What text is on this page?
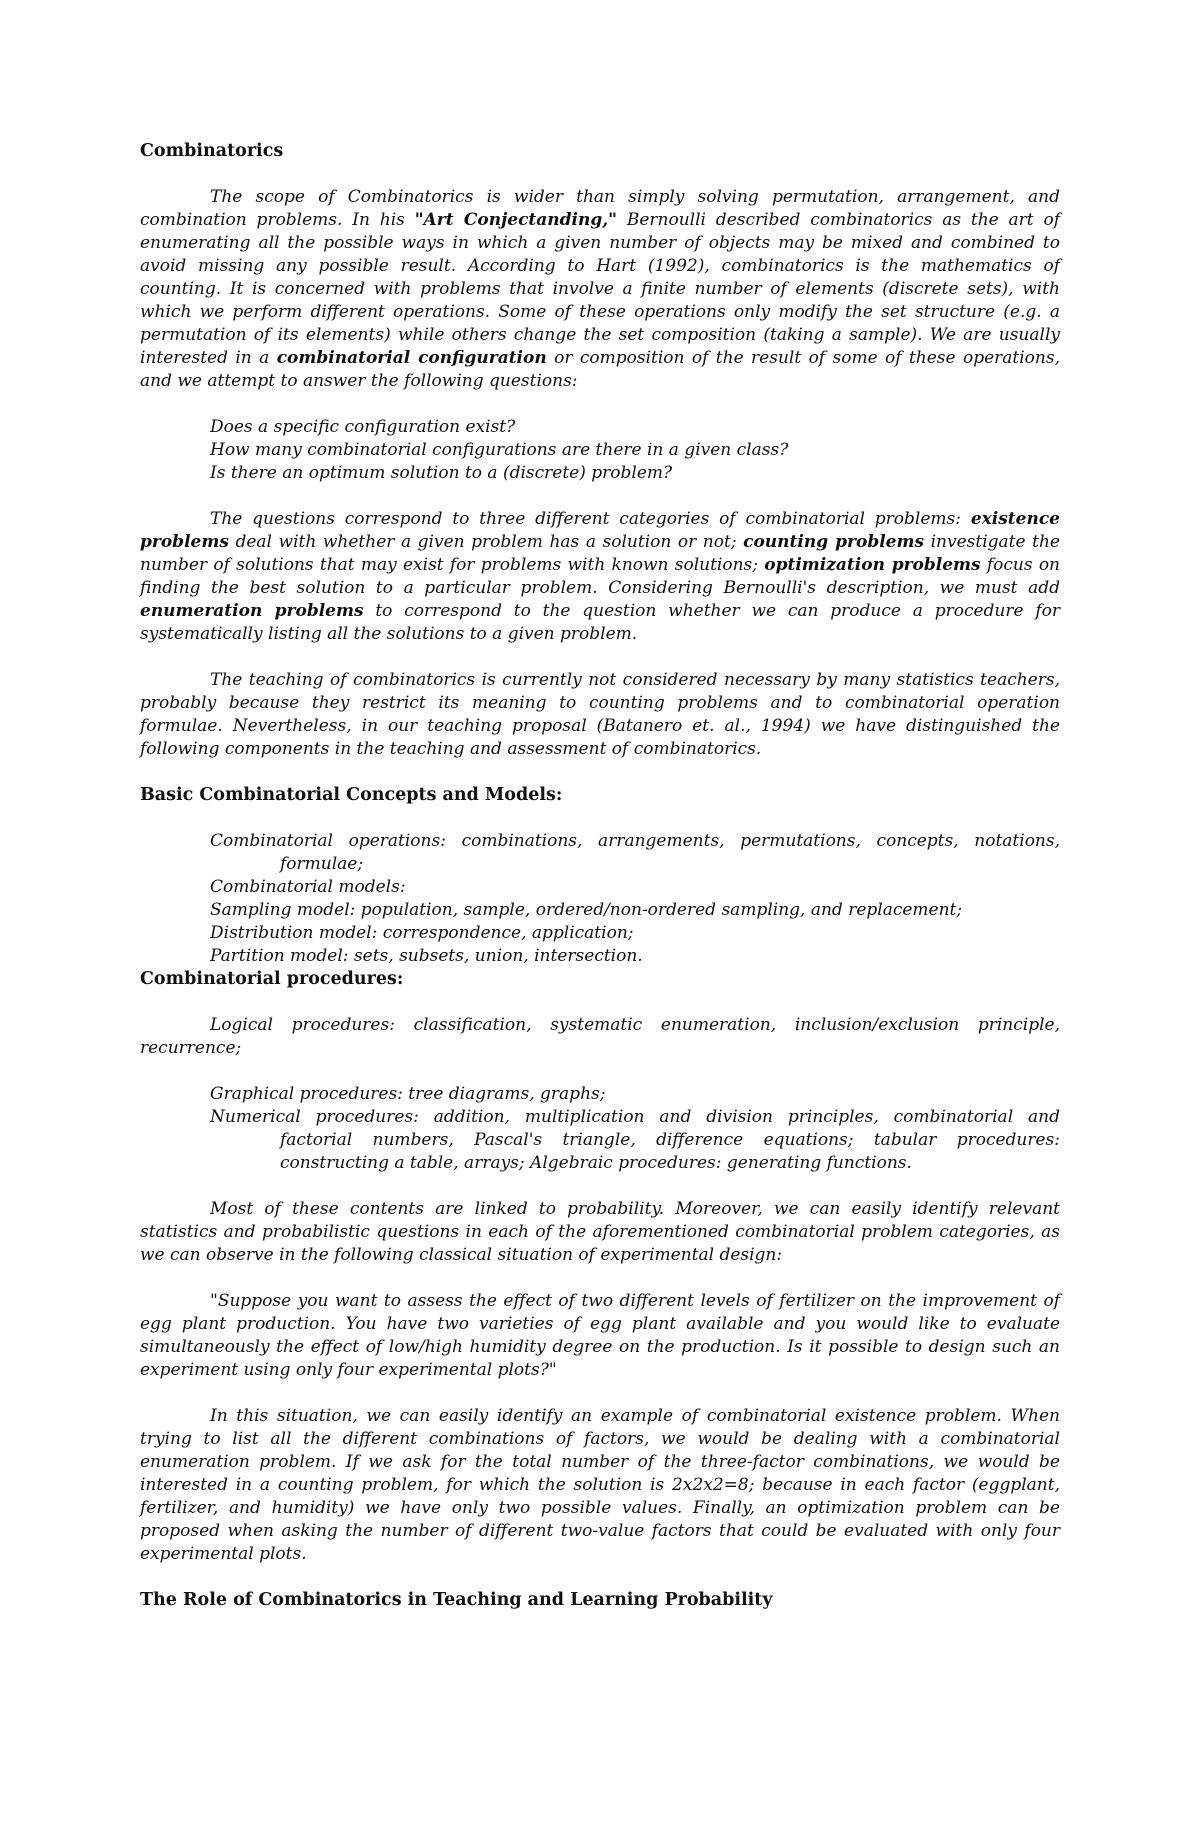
Combinatorics

The scope of Combinatorics is wider than simply solving permutation, arrangement, and combination problems. In his "Art Conjectanding," Bernoulli described combinatorics as the art of enumerating all the possible ways in which a given number of objects may be mixed and combined to avoid missing any possible result. According to Hart (1992), combinatorics is the mathematics of counting. It is concerned with problems that involve a finite number of elements (discrete sets), with which we perform different operations. Some of these operations only modify the set structure (e.g. a permutation of its elements) while others change the set composition (taking a sample). We are usually interested in a combinatorial configuration or composition of the result of some of these operations, and we attempt to answer the following questions:

Does a specific configuration exist?
How many combinatorial configurations are there in a given class?
Is there an optimum solution to a (discrete) problem?

The questions correspond to three different categories of combinatorial problems: existence problems deal with whether a given problem has a solution or not; counting problems investigate the number of solutions that may exist for problems with known solutions; optimization problems focus on finding the best solution to a particular problem. Considering Bernoulli's description, we must add enumeration problems to correspond to the question whether we can produce a procedure for systematically listing all the solutions to a given problem.

The teaching of combinatorics is currently not considered necessary by many statistics teachers, probably because they restrict its meaning to counting problems and to combinatorial operation formulae. Nevertheless, in our teaching proposal (Batanero et. al., 1994) we have distinguished the following components in the teaching and assessment of combinatorics.

Basic Combinatorial Concepts and Models:

Combinatorial operations: combinations, arrangements, permutations, concepts, notations, formulae;

Combinatorial models:

Sampling model: population, sample, ordered/non-ordered sampling, and replacement;

Distribution model: correspondence, application;

Partition model: sets, subsets, union, intersection.

Combinatorial procedures:

Logical procedures: classification, systematic enumeration, inclusion/exclusion principle, recurrence;

Graphical procedures: tree diagrams, graphs;

Numerical procedures: addition, multiplication and division principles, combinatorial and factorial numbers, Pascal's triangle, difference equations; tabular procedures: constructing a table, arrays; Algebraic procedures: generating functions.

Most of these contents are linked to probability. Moreover, we can easily identify relevant statistics and probabilistic questions in each of the aforementioned combinatorial problem categories, as we can observe in the following classical situation of experimental design:

"Suppose you want to assess the effect of two different levels of fertilizer on the improvement of egg plant production. You have two varieties of egg plant available and you would like to evaluate simultaneously the effect of low/high humidity degree on the production. Is it possible to design such an experiment using only four experimental plots?"

In this situation, we can easily identify an example of combinatorial existence problem. When trying to list all the different combinations of factors, we would be dealing with a combinatorial enumeration problem. If we ask for the total number of the three-factor combinations, we would be interested in a counting problem, for which the solution is 2x2x2=8; because in each factor (eggplant, fertilizer, and humidity) we have only two possible values. Finally, an optimization problem can be proposed when asking the number of different two-value factors that could be evaluated with only four experimental plots.

The Role of Combinatorics in Teaching and Learning Probability
